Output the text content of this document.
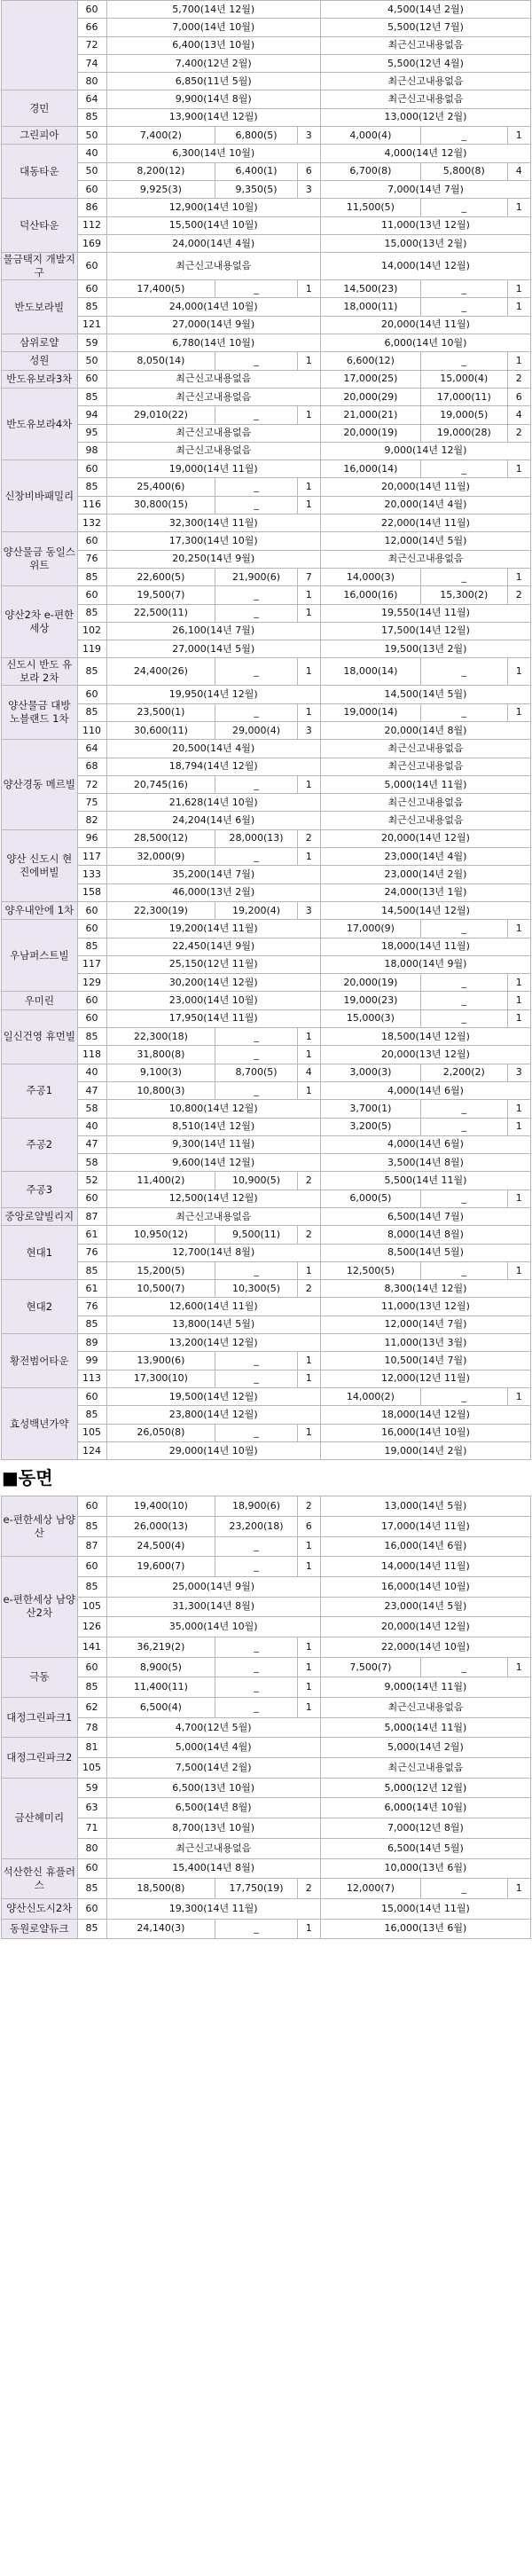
	60	5,700(14년 12월)			4,500(14년 2월)		
	66	7,000(14년 10월)			5,500(12년 7월)		
	72	6,400(13년 10월)			최근신고내용없음		
	74	7,400(12년 2월)			5,500(12년 4월)		
	80	6,850(11년 5월)			최근신고내용없음		
경민	64	9,900(14년 8월)			최근신고내용없음		
	85	13,900(14년 12월)			13,000(12년 2월)		
그린피아	50	7,400(2)	6,800(5)	3	4,000(4)	_	1
대동타운	40	6,300(14년 10월)			4,000(14년 12월)		
	50	8,200(12)	6,400(1)	6	6,700(8)	5,800(8)	4
	60	9,925(3)	9,350(5)	3	7,000(14년 7월)		
덕산타운	86	12,900(14년 10월)			11,500(5)	_	1
	112	15,500(14년 10월)			11,000(13년 12월)		
	169	24,000(14년 4월)			15,000(13년 2월)		
물금택지 개발지구	60	최근신고내용없음			14,000(14년 12월)		
반도보라빌	60	17,400(5)	_	1	14,500(23)	_	1
	85	24,000(14년 10월)			18,000(11)	_	1
	121	27,000(14년 9월)			20,000(14년 11월)		
삼위로얄	59	6,780(14년 10월)			6,000(14년 10월)		
성원	50	8,050(14)	_	1	6,600(12)	_	1
반도유보라3차	60	최근신고내용없음			17,000(25)	15,000(4)	2
반도유보라4차	85	최근신고내용없음			20,000(29)	17,000(11)	6
	94	29,010(22)	_	1	21,000(21)	19,000(5)	4
	95	최근신고내용없음			20,000(19)	19,000(28)	2
	98	최근신고내용없음			9,000(14년 12월)		
신창비바패밀리	60	19,000(14년 11월)			16,000(14)	_	1
	85	25,400(6)	_	1	20,000(14년 11월)		
	116	30,800(15)	_	1	20,000(14년 4월)		
	132	32,300(14년 11월)			22,000(14년 11월)		
양산물금 동일스위트	60	17,300(14년 10월)			12,000(14년 5월)		
	76	20,250(14년 9월)			최근신고내용없음		
	85	22,600(5)	21,900(6)	7	14,000(3)	_	1
양산2차 e-편한세상	60	19,500(7)	_	1	16,000(16)	15,300(2)	2
	85	22,500(11)	_	1	19,550(14년 11월)		
	102	26,100(14년 7월)			17,500(14년 12월)		
	119	27,000(14년 5월)			19,500(13년 2월)		
신도시 반도 유보라 2차	85	24,400(26)	_	1	18,000(14)	_	1
양산물금 대방 노블랜드 1차	60	19,950(14년 12월)			14,500(14년 5월)		
	85	23,500(1)	_	1	19,000(14)	_	1
	110	30,600(11)	29,000(4)	3	20,000(14년 8월)		
양산경동 메르빌	64	20,500(14년 4월)			최근신고내용없음		
	68	18,794(14년 12월)			최근신고내용없음		
	72	20,745(16)	_	1	5,000(14년 11월)		
	75	21,628(14년 10월)			최근신고내용없음		
	82	24,204(14년 6월)			최근신고내용없음		
양산 신도시 현진에버빌	96	28,500(12)	28,000(13)	2	20,000(14년 12월)		
	117	32,000(9)	_	1	23,000(14년 4월)		
	133	35,200(14년 7월)			23,000(14년 2월)		
	158	46,000(13년 2월)			24,000(13년 1월)		
양우내안에 1차	60	22,300(19)	19,200(4)	3	14,500(14년 12월)		
우남퍼스트빌	60	19,200(14년 11월)			17,000(9)	_	1
	85	22,450(14년 9월)			18,000(14년 11월)		
	117	25,150(12년 11월)			18,000(14년 9월)		
	129	30,200(14년 12월)			20,000(19)	_	1
우미린	60	23,000(14년 10월)			19,000(23)	_	1
일신건영 휴먼빌	60	17,950(14년 11월)			15,000(3)	_	1
	85	22,300(18)	_	1	18,500(14년 12월)		
	118	31,800(8)	_	1	20,000(13년 12월)		
주공1	40	9,100(3)	8,700(5)	4	3,000(3)	2,200(2)	3
	47	10,800(3)	_	1	4,000(14년 6월)		
	58	10,800(14년 12월)			3,700(1)	_	1
주공2	40	8,510(14년 12월)			3,200(5)	_	1
	47	9,300(14년 11월)			4,000(14년 6월)		
	58	9,600(14년 12월)			3,500(14년 8월)		
주공3	52	11,400(2)	10,900(5)	2	5,500(14년 11월)		
	60	12,500(14년 12월)			6,000(5)	_	1
중앙로얄빌리지	87	최근신고내용없음			6,500(14년 7월)		
현대1	61	10,950(12)	9,500(11)	2	8,000(14년 8월)		
	76	12,700(14년 8월)			8,500(14년 5월)		
	85	15,200(5)	_	1	12,500(5)	_	1
현대2	61	10,500(7)	10,300(5)	2	8,300(14년 12월)		
	76	12,600(14년 11월)			11,000(13년 12월)		
	85	13,800(14년 5월)			12,000(14년 7월)		
황전범어타운	89	13,200(14년 12월)			11,000(13년 3월)		
	99	13,900(6)	_	1	10,500(14년 7월)		
	113	17,300(10)	_	1	12,000(12년 11월)		
효성백년가약	60	19,500(14년 12월)			14,000(2)	_	1
	85	23,800(14년 12월)			18,000(14년 12월)		
	105	26,050(8)	_	1	16,000(14년 10월)		
	124	29,000(14년 10월)			19,000(14년 2월)		
■동면
e-편한세상 남양산	60	19,400(10)	18,900(6)	2	13,000(14년 5월)		
	85	26,000(13)	23,200(18)	6	17,000(14년 11월)		
	87	24,500(4)	_	1	16,000(14년 6월)		
e-편한세상 남양산2차	60	19,600(7)	_	1	14,000(14년 11월)		
	85	25,000(14년 9월)			16,000(14년 10월)		
	105	31,300(14년 8월)			23,000(14년 5월)		
	126	35,000(14년 10월)			20,000(14년 12월)		
	141	36,219(2)	_	1	22,000(14년 10월)		
극동	60	8,900(5)	_	1	7,500(7)	_	1
	85	11,400(11)	_	1	9,000(14년 11월)		
대정그린파크1	62	6,500(4)	_	1	최근신고내용없음		
	78	4,700(12년 5월)			5,000(14년 11월)		
대정그린파크2	81	5,000(14년 4월)			5,000(14년 2월)		
	105	7,500(14년 2월)			최근신고내용없음		
금산헤미리	59	6,500(13년 10월)			5,000(12년 12월)		
	63	6,500(14년 8월)			6,000(14년 10월)		
	71	8,700(13년 10월)			7,000(12년 8월)		
	80	최근신고내용없음			6,500(14년 5월)		
석산한신 휴플러스	60	15,400(14년 8월)			10,000(13년 6월)		
	85	18,500(8)	17,750(19)	2	12,000(7)	_	1
양산신도시2차	60	19,300(14년 11월)			15,000(14년 11월)		
동원로얄듀크	85	24,140(3)	_	1	16,000(13년 6월)		
